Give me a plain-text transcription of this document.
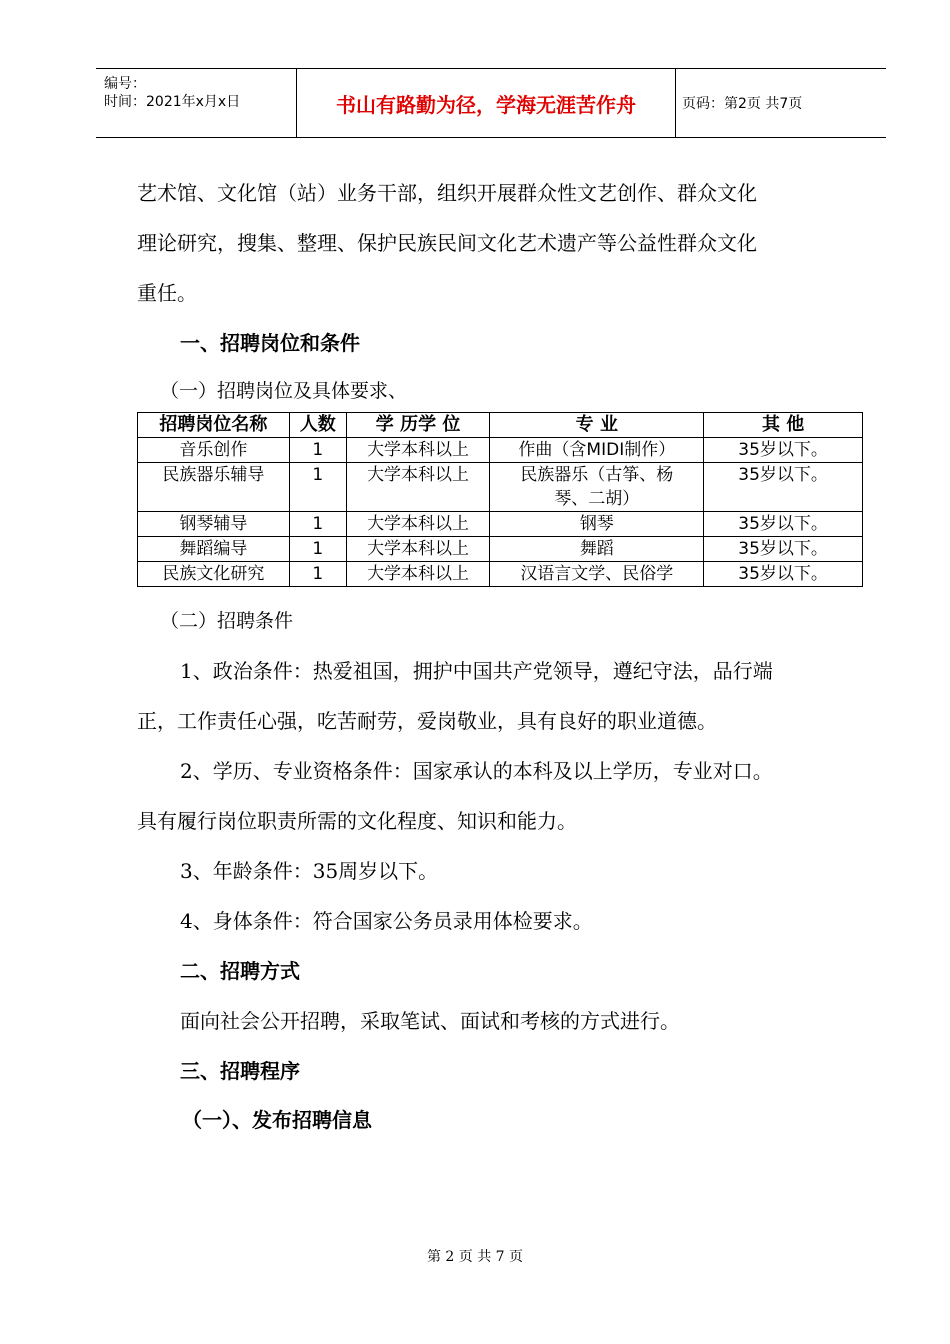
编号：
时间：2021年x月x日	书山有路勤为径，学海无涯苦作舟	页码：第2页 共7页
艺术馆、文化馆（站）业务干部，组织开展群众性文艺创作、群众文化
理论研究，搜集、整理、保护民族民间文化艺术遗产等公益性群众文化
重任。
一、招聘岗位和条件
（一）招聘岗位及具体要求、
招聘岗位名称	人数	学 历学 位	专 业	其 他
音乐创作	1	大学本科以上	作曲（含MIDI制作）	35岁以下。
民族器乐辅导	1	大学本科以上	民族器乐（古筝、杨琴、二胡）	35岁以下。
钢琴辅导	1	大学本科以上	钢琴	35岁以下。
舞蹈编导	1	大学本科以上	舞蹈	35岁以下。
民族文化研究	1	大学本科以上	汉语言文学、民俗学	35岁以下。
（二）招聘条件
1、政治条件：热爱祖国，拥护中国共产党领导，遵纪守法，品行端
正，工作责任心强，吃苦耐劳，爱岗敬业，具有良好的职业道德。
2、学历、专业资格条件：国家承认的本科及以上学历，专业对口。
具有履行岗位职责所需的文化程度、知识和能力。
3、年龄条件：35周岁以下。
4、身体条件：符合国家公务员录用体检要求。
二、招聘方式
面向社会公开招聘，采取笔试、面试和考核的方式进行。
三、招聘程序
（一）、发布招聘信息
第 2 页 共 7 页
